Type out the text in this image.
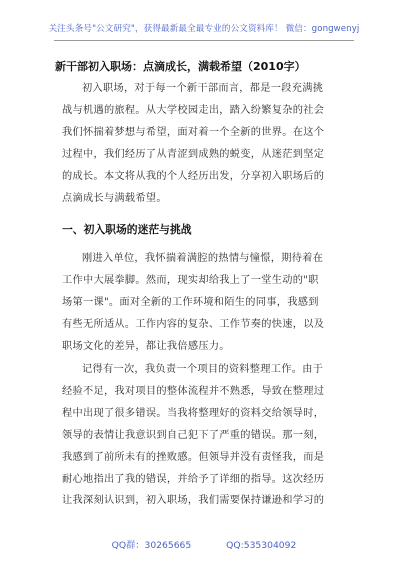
关注头条号"公文研究"，获得最新最全最专业的公文资料库！ 微信：gongwenyj
新干部初入职场：点滴成长，满载希望（2010字）
初入职场，对于每一个新干部而言，都是一段充满挑
战与机遇的旅程。从大学校园走出，踏入纷繁复杂的社会
我们怀揣着梦想与希望，面对着一个全新的世界。在这个
过程中，我们经历了从青涩到成熟的蜕变，从迷茫到坚定
的成长。本文将从我的个人经历出发，分享初入职场后的
点滴成长与满载希望。
一、初入职场的迷茫与挑战
刚进入单位，我怀揣着满腔的热情与憧憬，期待着在
工作中大展拳脚。然而，现实却给我上了一堂生动的"职
场第一课"。面对全新的工作环境和陌生的同事，我感到
有些无所适从。工作内容的复杂、工作节奏的快速，以及
职场文化的差异，都让我倍感压力。
记得有一次，我负责一个项目的资料整理工作。由于
经验不足，我对项目的整体流程并不熟悉，导致在整理过
程中出现了很多错误。当我将整理好的资料交给领导时，
领导的表情让我意识到自己犯下了严重的错误。那一刻，
我感到了前所未有的挫败感。但领导并没有责怪我，而是
耐心地指出了我的错误，并给予了详细的指导。这次经历
让我深刻认识到，初入职场，我们需要保持谦逊和学习的
QQ群：30265665	QQ:535304092
